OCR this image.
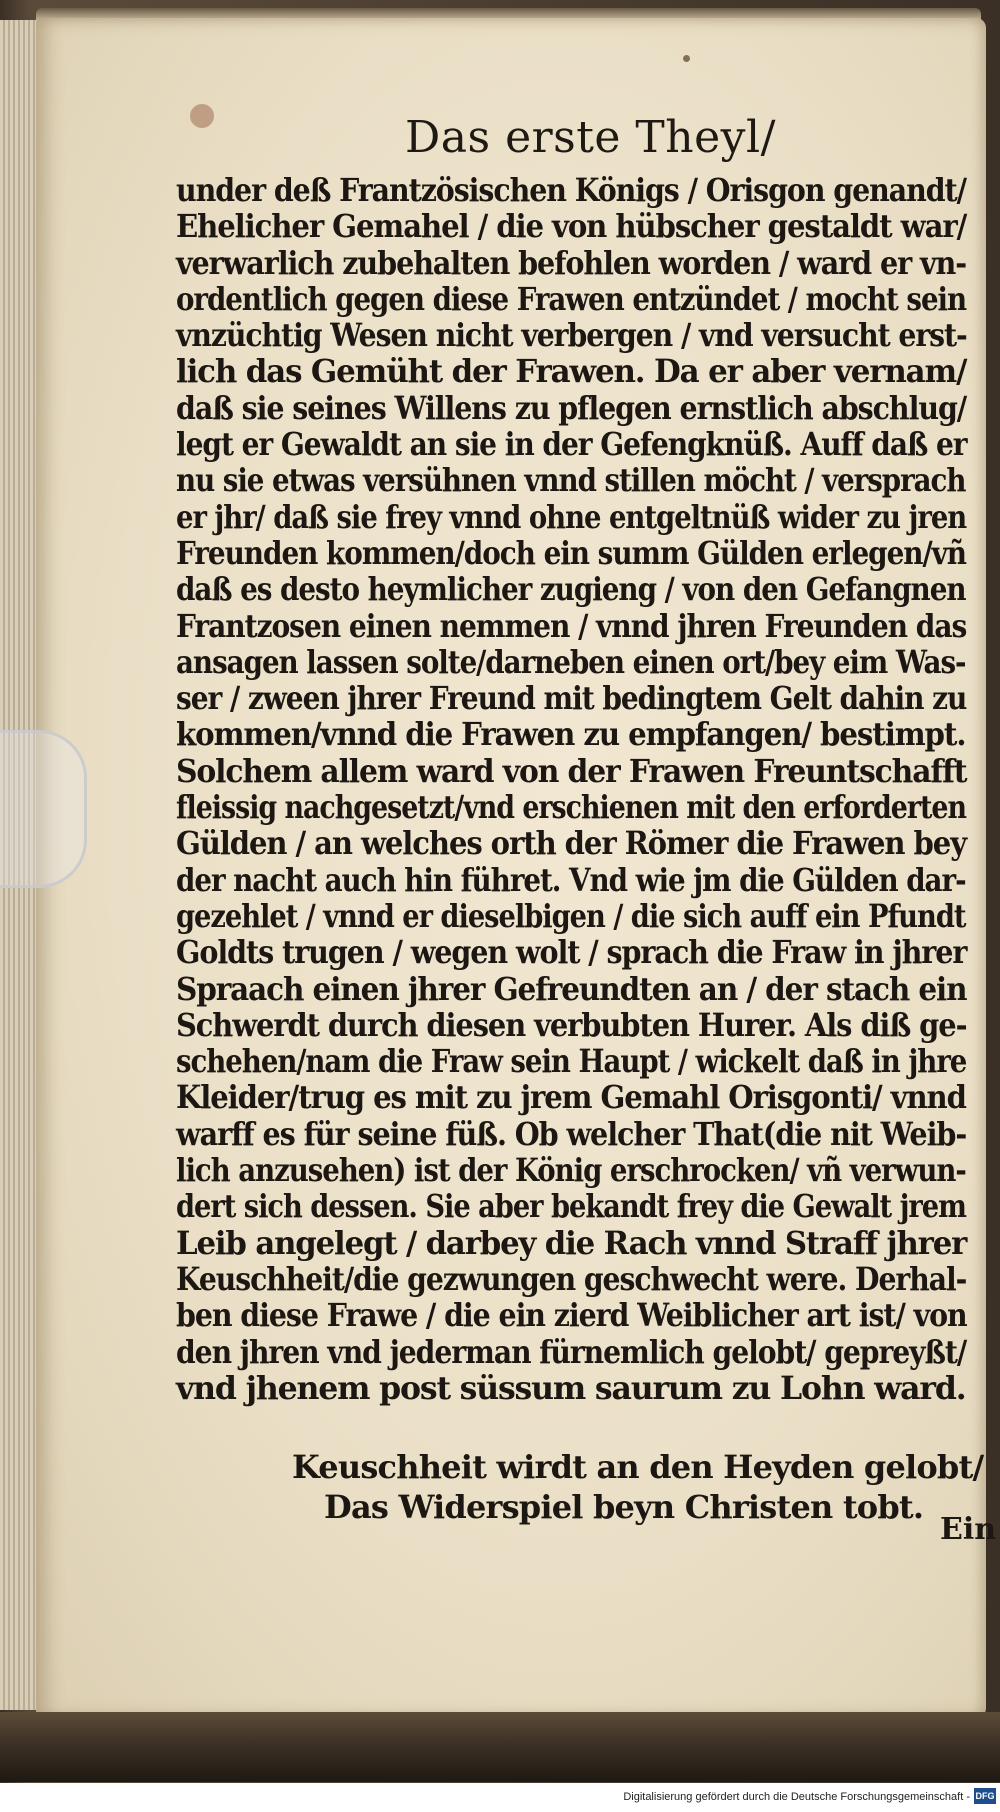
Das erste Theyl/
under deß Frantzösischen Königs / Orisgon genandt/
Ehelicher Gemahel / die von hübscher gestaldt war/
verwarlich zubehalten befohlen worden / ward er vn-
ordentlich gegen diese Frawen entzündet / mocht sein
vnzüchtig Wesen nicht verbergen / vnd versucht erst-
lich das Gemüht der Frawen. Da er aber vernam/
daß sie seines Willens zu pflegen ernstlich abschlug/
legt er Gewaldt an sie in der Gefengknüß. Auff daß er
nu sie etwas versühnen vnnd stillen möcht / versprach
er jhr/ daß sie frey vnnd ohne entgeltnüß wider zu jren
Freunden kommen/doch ein summ Gülden erlegen/vñ
daß es desto heymlicher zugieng / von den Gefangnen
Frantzosen einen nemmen / vnnd jhren Freunden das
ansagen lassen solte/darneben einen ort/bey eim Was-
ser / zween jhrer Freund mit bedingtem Gelt dahin zu
kommen/vnnd die Frawen zu empfangen/ bestimpt.
Solchem allem ward von der Frawen Freuntschafft
fleissig nachgesetzt/vnd erschienen mit den erforderten
Gülden / an welches orth der Römer die Frawen bey
der nacht auch hin führet. Vnd wie jm die Gülden dar-
gezehlet / vnnd er dieselbigen / die sich auff ein Pfundt
Goldts trugen / wegen wolt / sprach die Fraw in jhrer
Spraach einen jhrer Gefreundten an / der stach ein
Schwerdt durch diesen verbubten Hurer. Als diß ge-
schehen/nam die Fraw sein Haupt / wickelt daß in jhre
Kleider/trug es mit zu jrem Gemahl Orisgonti/ vnnd
warff es für seine füß. Ob welcher That(die nit Weib-
lich anzusehen) ist der König erschrocken/ vñ verwun-
dert sich dessen. Sie aber bekandt frey die Gewalt jrem
Leib angelegt / darbey die Rach vnnd Straff jhrer
Keuschheit/die gezwungen geschwecht were. Derhal-
ben diese Frawe / die ein zierd Weiblicher art ist/ von
den jhren vnd jederman fürnemlich gelobt/ gepreyßt/
vnd jhenem post süssum saurum zu Lohn ward.
Keuschheit wirdt an den Heyden gelobt/
Das Widerspiel beyn Christen tobt.
Ein
Digitalisierung gefördert durch die Deutsche Forschungsgemeinschaft - DFG
